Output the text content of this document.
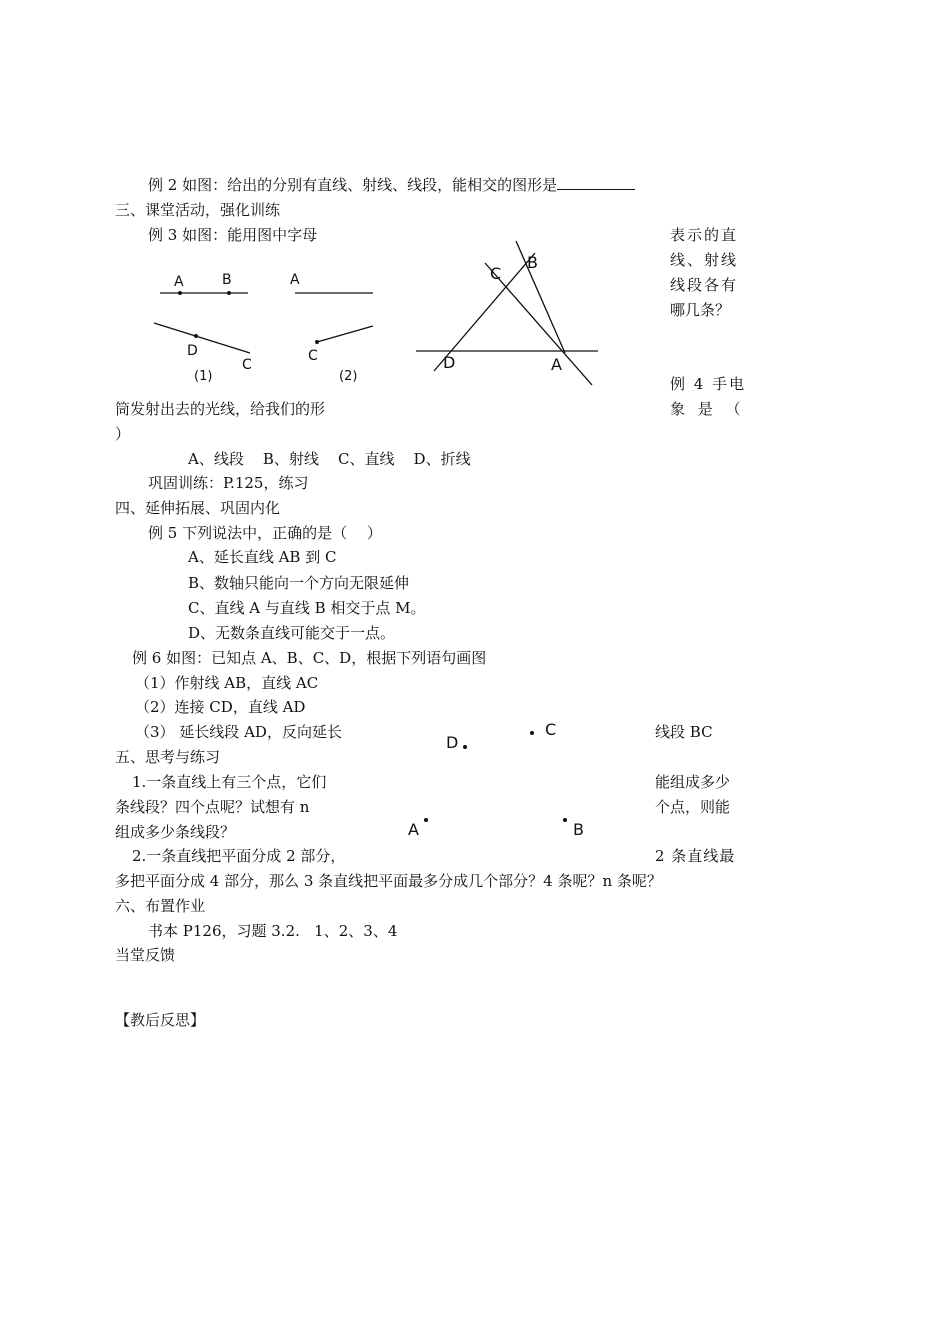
例 2 如图：给出的分别有直线、射线、线段，能相交的图形是
三、课堂活动，强化训练
例 3 如图：能用图中字母	表示的直
线、射线
线段各有
哪几条？
A	B
D
C
(1)
A
C
(2)
C
B
D	A
例 4 手电
筒发射出去的光线，给我们的形	象 是 （
）
A、线段    B、射线    C、直线    D、折线
巩固训练：P.125，练习
四、延伸拓展、巩固内化
例 5 下列说法中，正确的是（　 ）
A、延长直线 AB 到 C
B、数轴只能向一个方向无限延伸
C、直线 A 与直线 B 相交于点 M。
D、无数条直线可能交于一点。
例 6 如图：已知点 A、B、C、D，根据下列语句画图
（1）作射线 AB，直线 AC
（2）连接 CD，直线 AD
（3） 延长线段 AD，反向延长	线段 BC
D
C
A	B
五、思考与练习
1.一条直线上有三个点，它们	能组成多少
条线段？四个点呢？试想有 n	个点，则能
组成多少条线段？
2.一条直线把平面分成 2 部分，	2 条直线最
多把平面分成 4 部分，那么 3 条直线把平面最多分成几个部分？4 条呢？n 条呢？
六、布置作业
书本 P126，习题 3.2.   1、2、3、4
当堂反馈
【教后反思】
